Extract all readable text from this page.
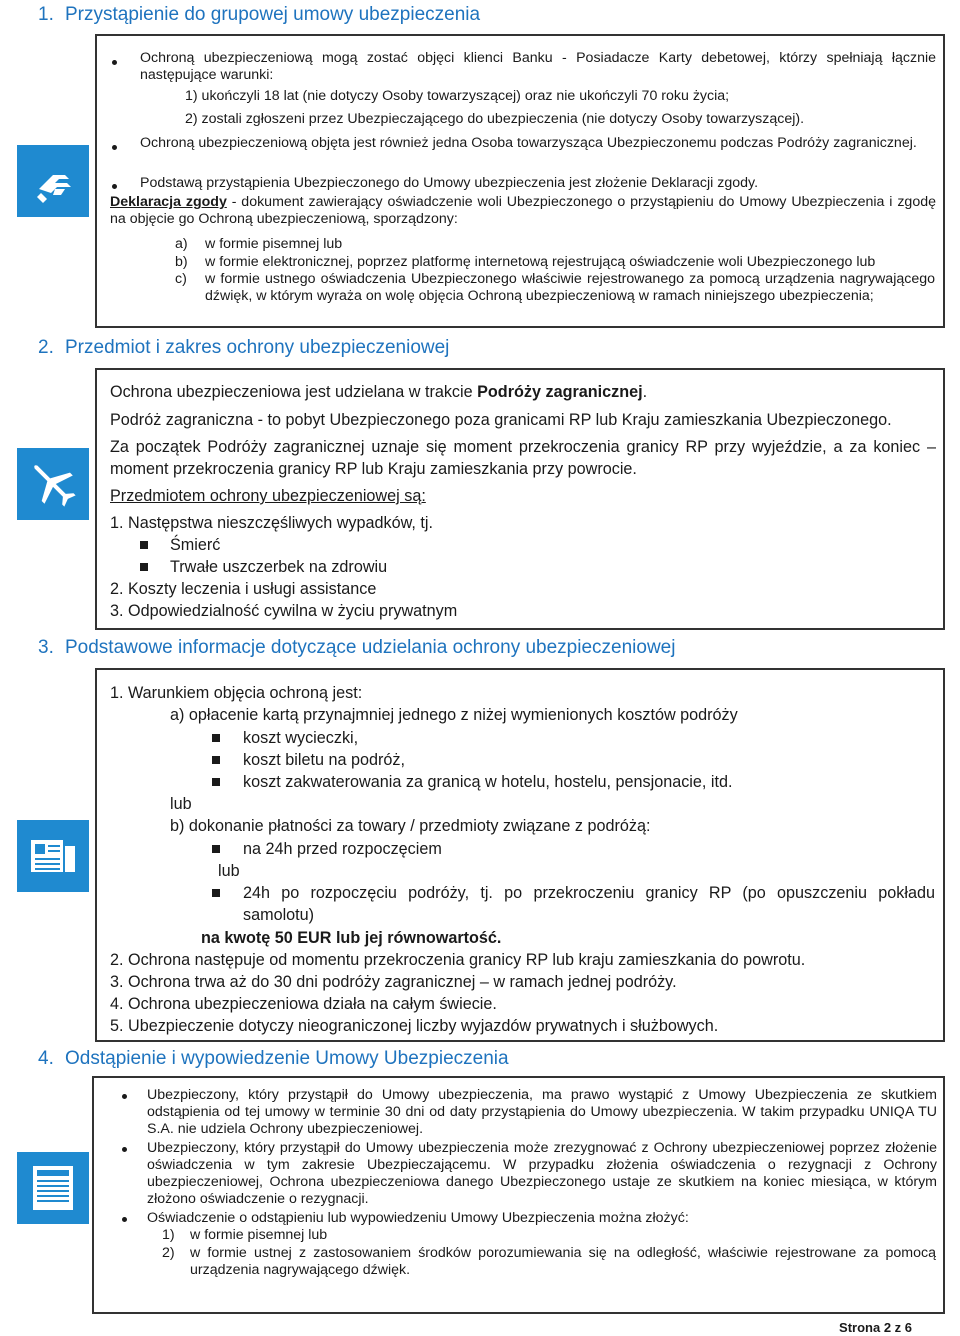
1. Przystąpienie do grupowej umowy ubezpieczenia

Ochroną ubezpieczeniową mogą zostać objęci klienci Banku - Posiadacze Karty debetowej, którzy spełniają łącznie następujące warunki:

1) ukończyli 18 lat (nie dotyczy Osoby towarzyszącej) oraz nie ukończyli 70 roku życia;

2) zostali zgłoszeni przez Ubezpieczającego do ubezpieczenia (nie dotyczy Osoby towarzyszącej).

Ochroną ubezpieczeniową objęta jest również jedna Osoba towarzysząca Ubezpieczonemu podczas Podróży zagranicznej.

Podstawą przystąpienia Ubezpieczonego do Umowy ubezpieczenia jest złożenie Deklaracji zgody.

Deklaracja zgody - dokument zawierający oświadczenie woli Ubezpieczonego o przystąpieniu do Umowy Ubezpieczenia i zgodę na objęcie go Ochroną ubezpieczeniową, sporządzony:

a) w formie pisemnej lub

b) w formie elektronicznej, poprzez platformę internetową rejestrującą oświadczenie woli Ubezpieczonego lub

c) w formie ustnego oświadczenia Ubezpieczonego właściwie rejestrowanego za pomocą urządzenia nagrywającego dźwięk, w którym wyraża on wolę objęcia Ochroną ubezpieczeniową w ramach niniejszego ubezpieczenia;

2. Przedmiot i zakres ochrony ubezpieczeniowej

Ochrona ubezpieczeniowa jest udzielana w trakcie Podróży zagranicznej.

Podróż zagraniczna - to pobyt Ubezpieczonego poza granicami RP lub Kraju zamieszkania Ubezpieczonego.

Za początek Podróży zagranicznej uznaje się moment przekroczenia granicy RP przy wyjeździe, a za koniec – moment przekroczenia granicy RP lub Kraju zamieszkania przy powrocie.

Przedmiotem ochrony ubezpieczeniowej są:

1. Następstwa nieszczęśliwych wypadków, tj.

Śmierć

Trwałe uszczerbek na zdrowiu

2. Koszty leczenia i usługi assistance

3. Odpowiedzialność cywilna w życiu prywatnym

3. Podstawowe informacje dotyczące udzielania ochrony ubezpieczeniowej

1. Warunkiem objęcia ochroną jest:

a) opłacenie kartą przynajmniej jednego z niżej wymienionych kosztów podróży

koszt wycieczki,

koszt biletu na podróż,

koszt zakwaterowania za granicą w hotelu, hostelu, pensjonacie, itd.

lub

b) dokonanie płatności za towary / przedmioty związane z podróżą:

na 24h przed rozpoczęciem

lub

24h po rozpoczęciu podróży, tj. po przekroczeniu granicy RP (po opuszczeniu pokładu samolotu)

na kwotę 50 EUR lub jej równowartość.

2. Ochrona następuje od momentu przekroczenia granicy RP lub kraju zamieszkania do powrotu.

3. Ochrona trwa aż do 30 dni podróży zagranicznej – w ramach jednej podróży.

4. Ochrona ubezpieczeniowa działa na całym świecie.

5. Ubezpieczenie dotyczy nieograniczonej liczby wyjazdów prywatnych i służbowych.

4. Odstąpienie i wypowiedzenie Umowy Ubezpieczenia

Ubezpieczony, który przystąpił do Umowy ubezpieczenia, ma prawo wystąpić z Umowy Ubezpieczenia ze skutkiem odstąpienia od tej umowy w terminie 30 dni od daty przystąpienia do Umowy ubezpieczenia. W takim przypadku UNIQA TU S.A. nie udziela Ochrony ubezpieczeniowej.

Ubezpieczony, który przystąpił do Umowy ubezpieczenia może zrezygnować z Ochrony ubezpieczeniowej poprzez złożenie oświadczenia w tym zakresie Ubezpieczającemu. W przypadku złożenia oświadczenia o rezygnacji z Ochrony ubezpieczeniowej, Ochrona ubezpieczeniowa danego Ubezpieczonego ustaje ze skutkiem na koniec miesiąca, w którym złożono oświadczenie o rezygnacji.

Oświadczenie o odstąpieniu lub wypowiedzeniu Umowy Ubezpieczenia można złożyć:

1) w formie pisemnej lub

2) w formie ustnej z zastosowaniem środków porozumiewania się na odległość, właściwie rejestrowane za pomocą urządzenia nagrywającego dźwięk.

Strona 2 z 6
